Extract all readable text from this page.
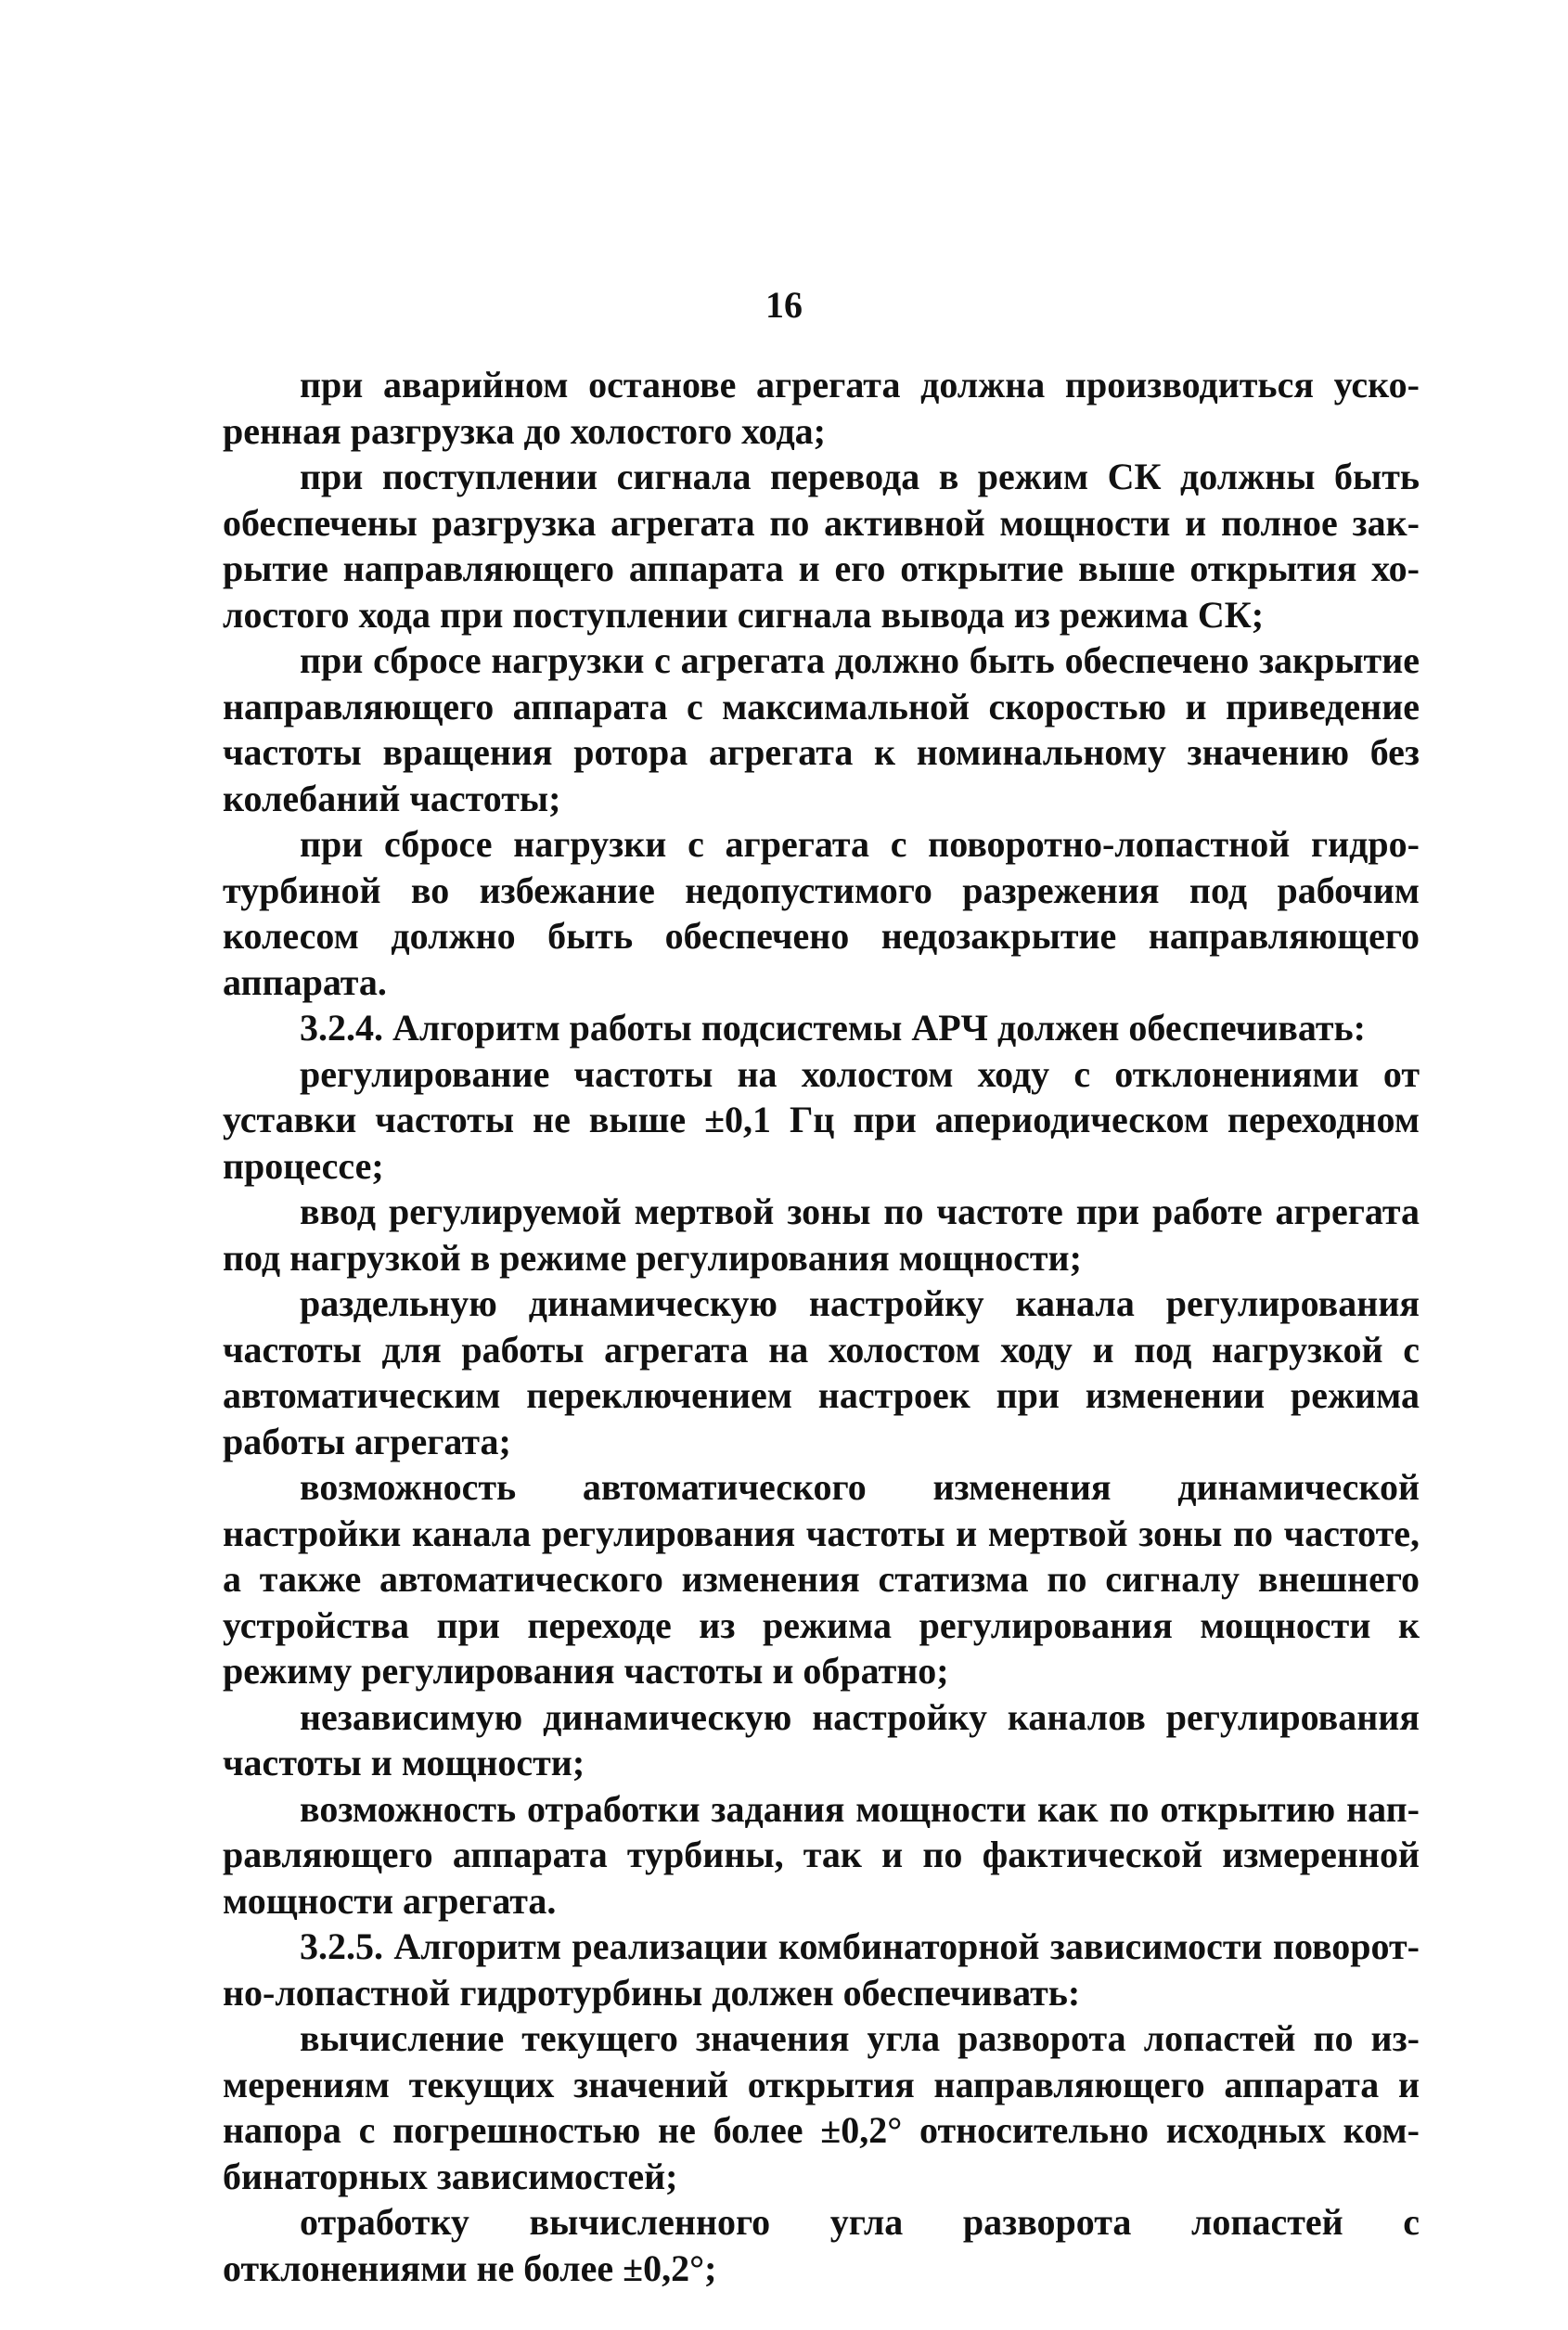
16

при аварийном останове агрегата должна производиться ускоренная разгрузка до холостого хода;

при поступлении сигнала перевода в режим СК должны быть обеспечены разгрузка агрегата по активной мощности и полное закрытие направляющего аппарата и его открытие выше открытия холостого хода при поступлении сигнала вывода из режима СК;

при сбросе нагрузки с агрегата должно быть обеспечено закрытие направляющего аппарата с максимальной скоростью и приведение частоты вращения ротора агрегата к номинальному значению без колебаний частоты;

при сбросе нагрузки с агрегата с поворотно-лопастной гидротурбиной во избежание недопустимого разрежения под рабочим колесом должно быть обеспечено недозакрытие направляющего аппарата.

3.2.4. Алгоритм работы подсистемы АРЧ должен обеспечивать:

регулирование частоты на холостом ходу с отклонениями от уставки частоты не выше ±0,1 Гц при апериодическом переходном процессе;

ввод регулируемой мертвой зоны по частоте при работе агрегата под нагрузкой в режиме регулирования мощности;

раздельную динамическую настройку канала регулирования частоты для работы агрегата на холостом ходу и под нагрузкой с автоматическим переключением настроек при изменении режима работы агрегата;

возможность автоматического изменения динамической настройки канала регулирования частоты и мертвой зоны по частоте, а также автоматического изменения статизма по сигналу внешнего устройства при переходе из режима регулирования мощности к режиму регулирования частоты и обратно;

независимую динамическую настройку каналов регулирования частоты и мощности;

возможность отработки задания мощности как по открытию направляющего аппарата турбины, так и по фактической измеренной мощности агрегата.

3.2.5. Алгоритм реализации комбинаторной зависимости поворотно-лопастной гидротурбины должен обеспечивать:

вычисление текущего значения угла разворота лопастей по измерениям текущих значений открытия направляющего аппарата и напора с погрешностью не более ±0,2° относительно исходных комбинаторных зависимостей;

отработку вычисленного угла разворота лопастей с отклонениями не более ±0,2°;
